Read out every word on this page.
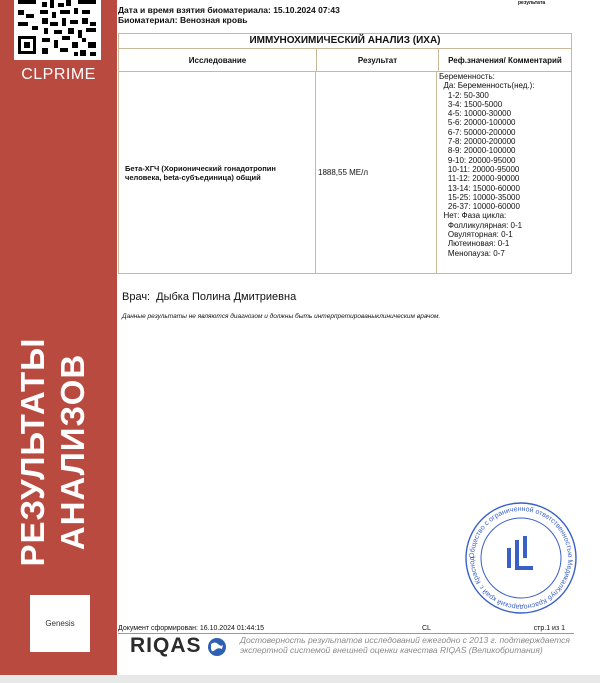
CLPRIME
РЕЗУЛЬТАТЫ АНАЛИЗОВ
Genesis
результата
Дата и время взятия биоматериала: 15.10.2024 07:43
Биоматериал: Венозная кровь
ИММУНОХИМИЧЕСКИЙ АНАЛИЗ (ИХА)
Исследование	Результат	Реф.значения/ Комментарий
Бета-ХГЧ (Хорионический гонадотропин человека, beta-субъединица) общий	1888,55 МЕ/л
Беременность:
Да: Беременность(нед.):
1-2: 50-300
3-4: 1500-5000
4-5: 10000-30000
5-6: 20000-100000
6-7: 50000-200000
7-8: 20000-200000
8-9: 20000-100000
9-10: 20000-95000
10-11: 20000-95000
11-12: 20000-90000
13-14: 15000-60000
15-25: 10000-35000
26-37: 10000-60000
Нет: Фаза цикла:
Фолликулярная: 0-1
Овуляторная: 0-1
Лютеиновая: 0-1
Менопауза: 0-7
Врач: Дыбка Полина Дмитриевна
Данные результаты не являются диагнозом и должны быть интерпретированыклиническим врачом.
Общество с ограниченной ответственностью МедикалКлуб Краснодарский край г. Краснод
Документ сформирован: 16.10.2024 01:44:15	CL	стр.1 из 1
RIQAS	Достоверность результатов исследований ежегодно с 2013 г. подтверждается
экспертной системой внешней оценки качества RIQAS (Великобритания)
